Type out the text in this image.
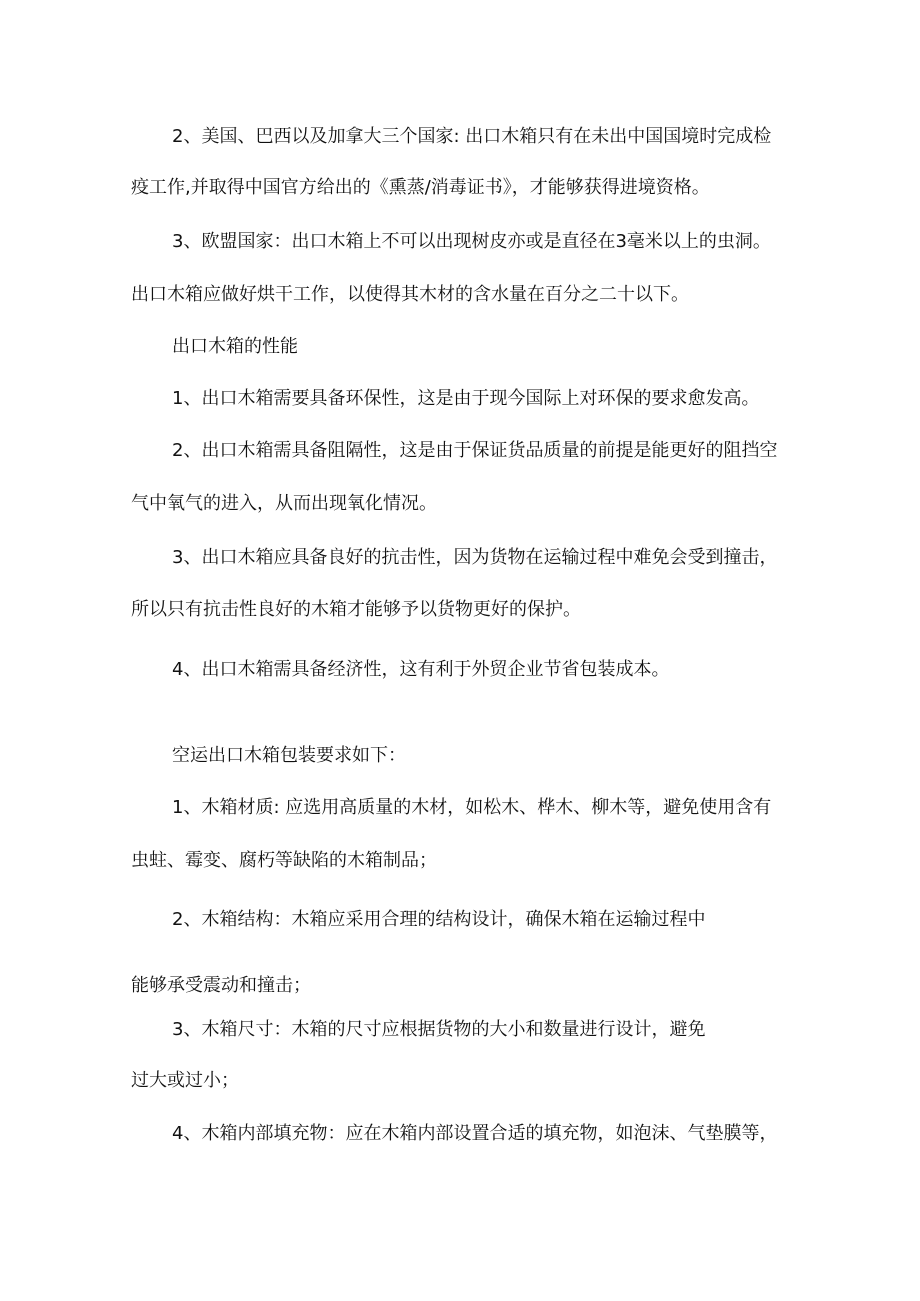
2、美国、巴西以及加拿大三个国家: 出口木箱只有在未出中国国境时完成检
疫工作,并取得中国官方给出的《熏蒸/消毒证书》，才能够获得进境资格。
3、欧盟国家：出口木箱上不可以出现树皮亦或是直径在3毫米以上的虫洞。
出口木箱应做好烘干工作，以使得其木材的含水量在百分之二十以下。
出口木箱的性能
1、出口木箱需要具备环保性，这是由于现今国际上对环保的要求愈发高。
2、出口木箱需具备阻隔性，这是由于保证货品质量的前提是能更好的阻挡空
气中氧气的进入，从而出现氧化情况。
3、出口木箱应具备良好的抗击性，因为货物在运输过程中难免会受到撞击，
所以只有抗击性良好的木箱才能够予以货物更好的保护。
4、出口木箱需具备经济性，这有利于外贸企业节省包装成本。
空运出口木箱包装要求如下：
1、木箱材质: 应选用高质量的木材，如松木、桦木、柳木等，避免使用含有
虫蛀、霉变、腐朽等缺陷的木箱制品；
2、木箱结构：木箱应采用合理的结构设计，确保木箱在运输过程中
能够承受震动和撞击；
3、木箱尺寸：木箱的尺寸应根据货物的大小和数量进行设计，避免
过大或过小；
4、木箱内部填充物：应在木箱内部设置合适的填充物，如泡沫、气垫膜等，
